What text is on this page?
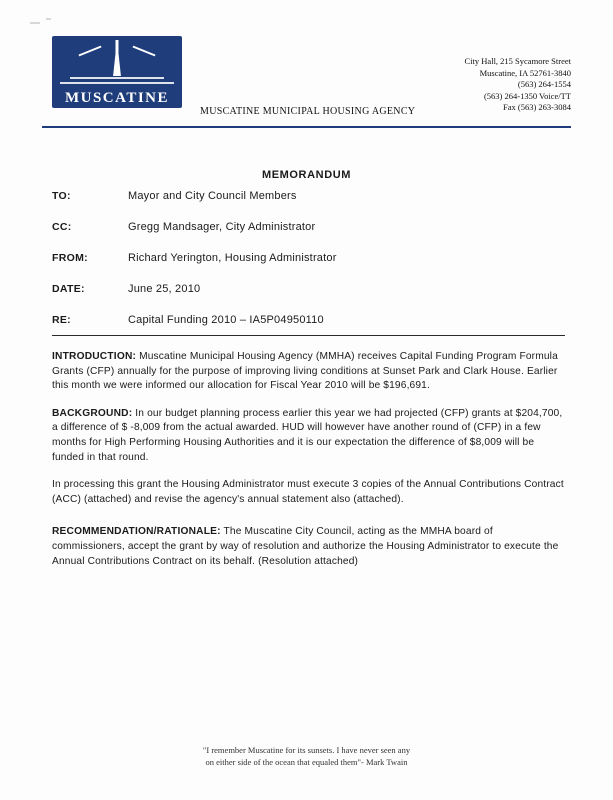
MUSCATINE
MUSCATINE MUNICIPAL HOUSING AGENCY
City Hall, 215 Sycamore Street
Muscatine, IA 52761-3840
(563) 264-1554
(563) 264-1350 Voice/TT
Fax (563) 263-3084
MEMORANDUM
TO:	Mayor and City Council Members
CC:	Gregg Mandsager, City Administrator
FROM:	Richard Yerington, Housing Administrator
DATE:	June 25, 2010
RE:	Capital Funding 2010 – IA5P04950110

INTRODUCTION: Muscatine Municipal Housing Agency (MMHA) receives Capital Funding Program Formula Grants (CFP) annually for the purpose of improving living conditions at Sunset Park and Clark House. Earlier this month we were informed our allocation for Fiscal Year 2010 will be $196,691.

BACKGROUND: In our budget planning process earlier this year we had projected (CFP) grants at $204,700, a difference of $ -8,009 from the actual awarded. HUD will however have another round of (CFP) in a few months for High Performing Housing Authorities and it is our expectation the difference of $8,009 will be funded in that round.

In processing this grant the Housing Administrator must execute 3 copies of the Annual Contributions Contract (ACC) (attached) and revise the agency's annual statement also (attached).

RECOMMENDATION/RATIONALE: The Muscatine City Council, acting as the MMHA board of commissioners, accept the grant by way of resolution and authorize the Housing Administrator to execute the Annual Contributions Contract on its behalf. (Resolution attached)

"I remember Muscatine for its sunsets. I have never seen any
on either side of the ocean that equaled them"- Mark Twain
